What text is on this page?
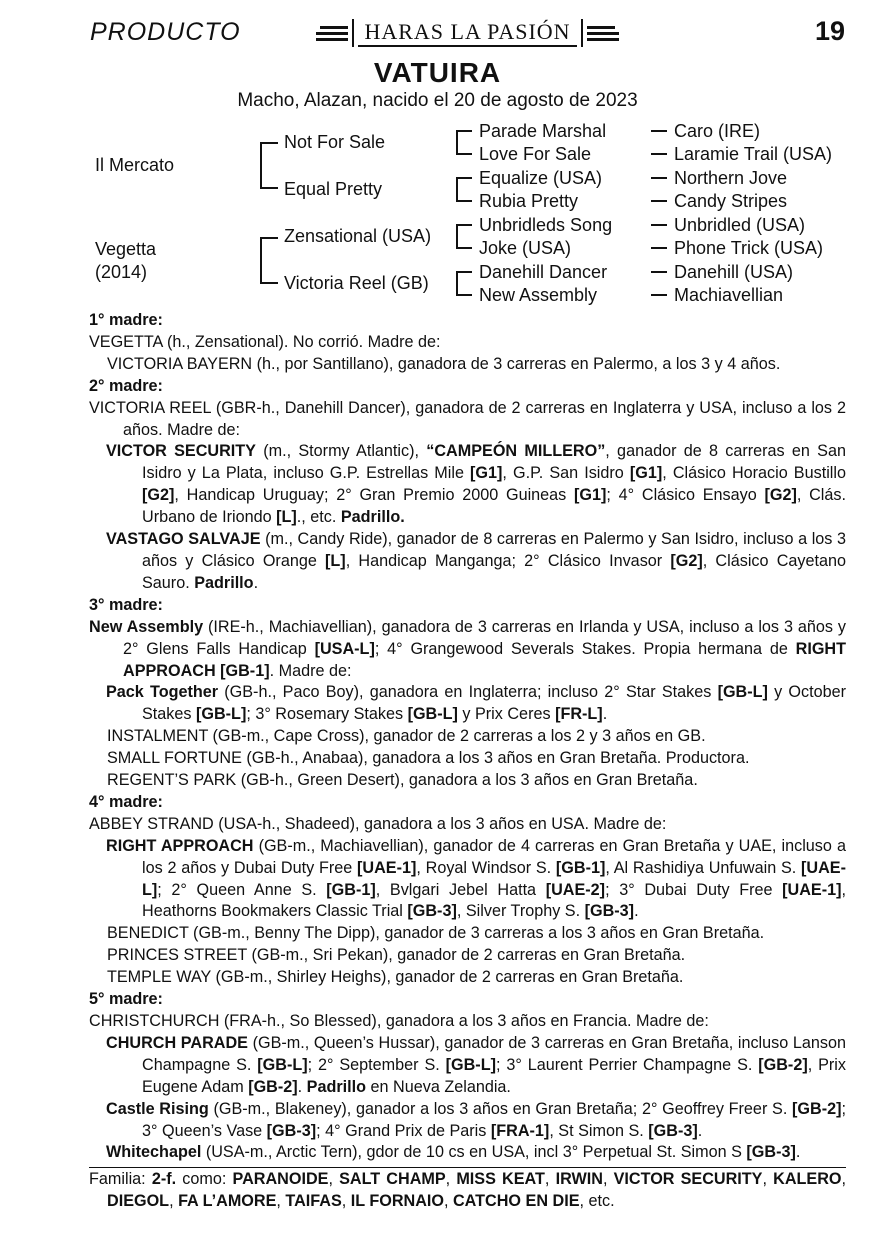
PRODUCTO	HARAS LA PASIÓN	19
VATUIRA
Macho, Alazan, nacido el 20 de agosto de 2023
Il Mercato
Vegetta
(2014)
Not For Sale
Equal Pretty
Zensational (USA)
Victoria Reel (GB)
Parade Marshal
Love For Sale
Equalize (USA)
Rubia Pretty
Unbridleds Song
Joke (USA)
Danehill Dancer
New Assembly
Caro (IRE)
Laramie Trail (USA)
Northern Jove
Candy Stripes
Unbridled (USA)
Phone Trick (USA)
Danehill (USA)
Machiavellian

1° madre:

VEGETTA (h., Zensational). No corrió. Madre de:

VICTORIA BAYERN (h., por Santillano), ganadora de 3 carreras en Palermo, a los 3 y 4 años.

2° madre:

VICTORIA REEL (GBR-h., Danehill Dancer), ganadora de 2 carreras en Inglaterra y USA, incluso a los 2 años. Madre de:

VICTOR SECURITY (m., Stormy Atlantic), “CAMPEÓN MILLERO”, ganador de 8 carreras en San Isidro y La Plata, incluso G.P. Estrellas Mile [G1], G.P. San Isidro [G1], Clásico Horacio Bustillo [G2], Handicap Uruguay; 2° Gran Premio 2000 Guineas [G1]; 4° Clásico Ensayo [G2], Clás. Urbano de Iriondo [L]., etc. Padrillo.

VASTAGO SALVAJE (m., Candy Ride), ganador de 8 carreras en Palermo y San Isidro, incluso a los 3 años y Clásico Orange [L], Handicap Manganga; 2° Clásico Invasor [G2], Clásico Cayetano Sauro. Padrillo.

3° madre:

New Assembly (IRE-h., Machiavellian), ganadora de 3 carreras en Irlanda y USA, incluso a los 3 años y 2° Glens Falls Handicap [USA-L]; 4° Grangewood Severals Stakes. Propia hermana de RIGHT APPROACH [GB-1]. Madre de:

Pack Together (GB-h., Paco Boy), ganadora en Inglaterra; incluso 2° Star Stakes [GB-L] y October Stakes [GB-L]; 3° Rosemary Stakes [GB-L] y Prix Ceres [FR-L].

INSTALMENT (GB-m., Cape Cross), ganador de 2 carreras a los 2 y 3 años en GB.

SMALL FORTUNE (GB-h., Anabaa), ganadora a los 3 años en Gran Bretaña. Productora.

REGENT’S PARK (GB-h., Green Desert), ganadora a los 3 años en Gran Bretaña.

4° madre:

ABBEY STRAND (USA-h., Shadeed), ganadora a los 3 años en USA. Madre de:

RIGHT APPROACH (GB-m., Machiavellian), ganador de 4 carreras en Gran Bretaña y UAE, incluso a los 2 años y Dubai Duty Free [UAE-1], Royal Windsor S. [GB-1], Al Rashidiya Unfuwain S. [UAE-L]; 2° Queen Anne S. [GB-1], Bvlgari Jebel Hatta [UAE-2]; 3° Dubai Duty Free [UAE-1], Heathorns Bookmakers Classic Trial [GB-3], Silver Trophy S. [GB-3].

BENEDICT (GB-m., Benny The Dipp), ganador de 3 carreras a los 3 años en Gran Bretaña.

PRINCES STREET (GB-m., Sri Pekan), ganador de 2 carreras en Gran Bretaña.

TEMPLE WAY (GB-m., Shirley Heighs), ganador de 2 carreras en Gran Bretaña.

5° madre:

CHRISTCHURCH (FRA-h., So Blessed), ganadora a los 3 años en Francia. Madre de:

CHURCH PARADE (GB-m., Queen’s Hussar), ganador de 3 carreras en Gran Bretaña, incluso Lanson Champagne S. [GB-L]; 2° September S. [GB-L]; 3° Laurent Perrier Champagne S. [GB-2], Prix Eugene Adam [GB-2]. Padrillo en Nueva Zelandia.

Castle Rising (GB-m., Blakeney), ganador a los 3 años en Gran Bretaña; 2° Geoffrey Freer S. [GB-2]; 3° Queen’s Vase [GB-3]; 4° Grand Prix de Paris [FRA-1], St Simon S. [GB-3].

Whitechapel (USA-m., Arctic Tern), gdor de 10 cs en USA, incl 3° Perpetual St. Simon S [GB-3].

Familia: 2-f. como: PARANOIDE, SALT CHAMP, MISS KEAT, IRWIN, VICTOR SECURITY, KALERO, DIEGOL, FA L’AMORE, TAIFAS, IL FORNAIO, CATCHO EN DIE, etc.
